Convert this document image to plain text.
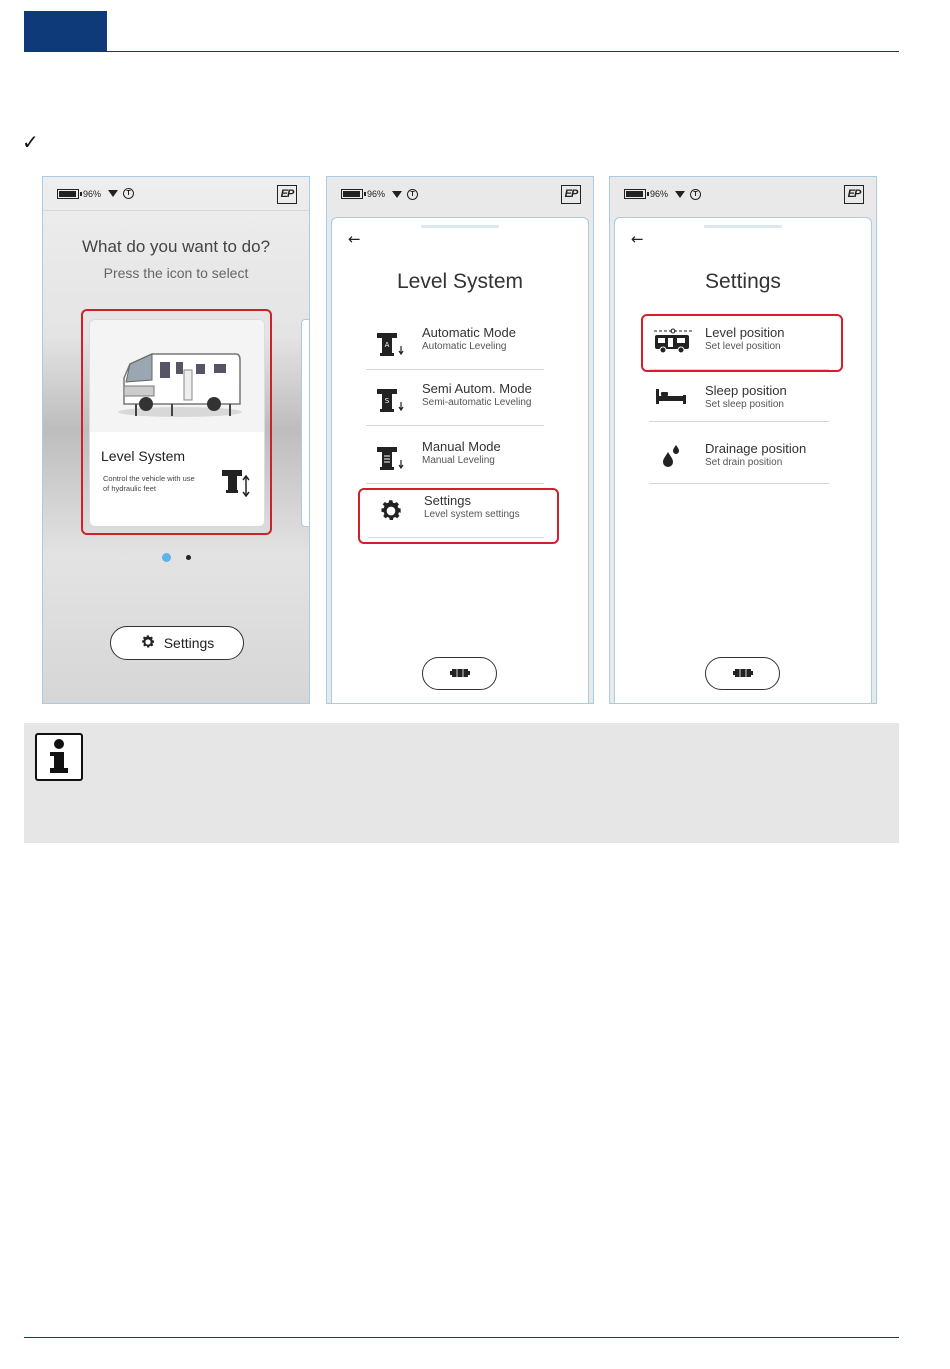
✓
96%	T	EP
What do you want to do?
Press the icon to select
Level System
Control the vehicle with use of hydraulic feet
Settings
96%	T	EP
←
Level System
A
Automatic Mode
Automatic Leveling
S
Semi Autom. Mode
Semi-automatic Leveling
Manual Mode
Manual Leveling
Settings
Level system settings
96%	T	EP
←
Settings
Level position
Set level position
Sleep position
Set sleep position
Drainage position
Set drain position
